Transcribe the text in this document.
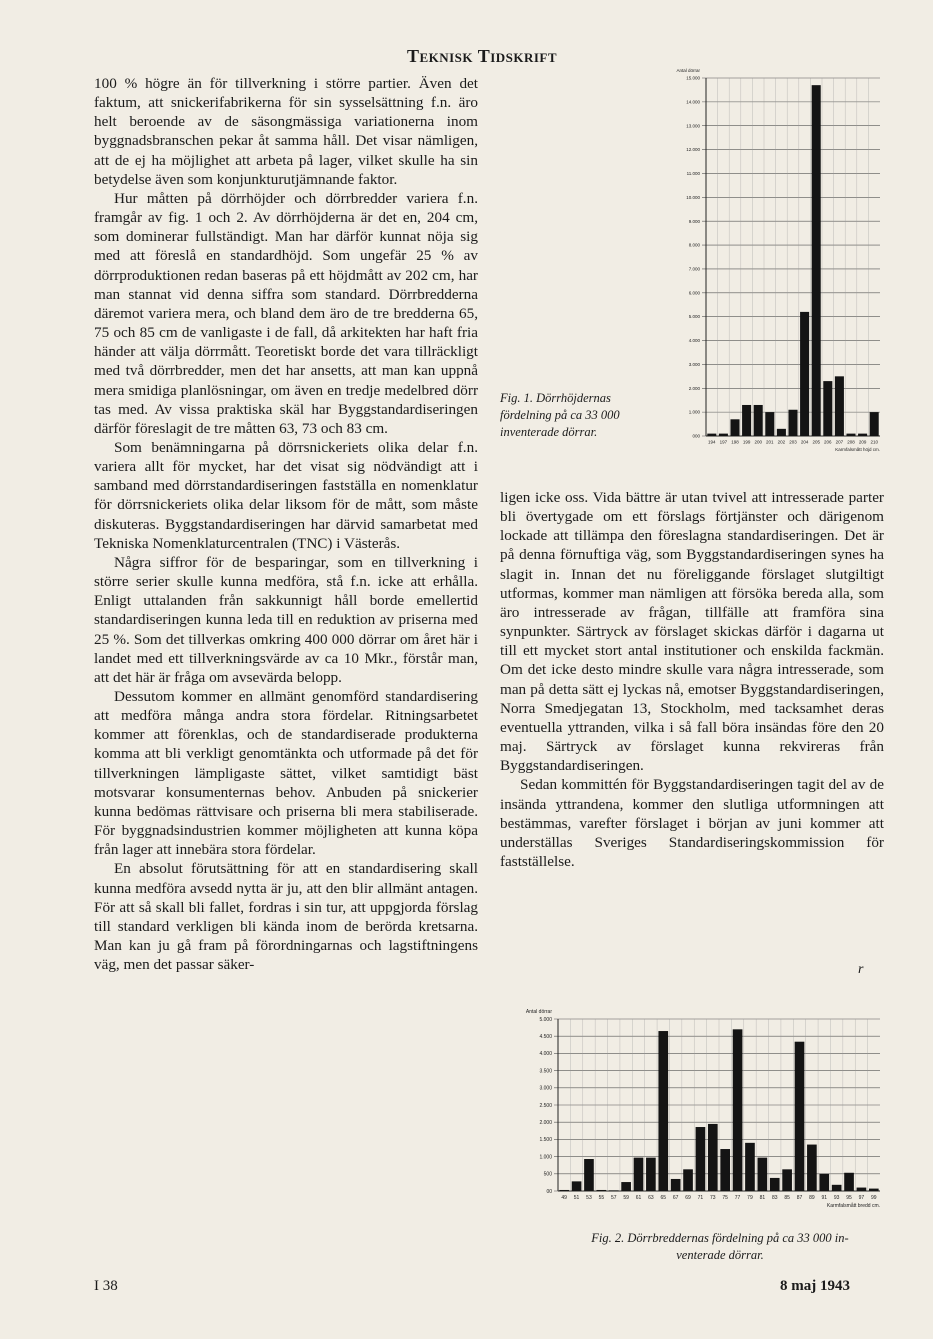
Teknisk Tidskrift

100 % högre än för tillverkning i större partier. Även det faktum, att snickerifabrikerna för sin sysselsättning f.n. äro helt beroende av de säsongmässiga variationerna inom byggnadsbranschen pekar åt samma håll. Det visar nämligen, att de ej ha möjlighet att arbeta på lager, vilket skulle ha sin betydelse även som konjunkturutjämnande faktor.

Hur måtten på dörrhöjder och dörrbredder variera f.n. framgår av fig. 1 och 2. Av dörrhöjderna är det en, 204 cm, som dominerar fullständigt. Man har därför kunnat nöja sig med att föreslå en standardhöjd. Som ungefär 25 % av dörrproduktionen redan baseras på ett höjdmått av 202 cm, har man stannat vid denna siffra som standard. Dörrbredderna däremot variera mera, och bland dem äro de tre bredderna 65, 75 och 85 cm de vanligaste i de fall, då arkitekten har haft fria händer att välja dörrmått. Teoretiskt borde det vara tillräckligt med två dörrbredder, men det har ansetts, att man kan uppnå mera smidiga planlösningar, om även en tredje medelbred dörr tas med. Av vissa praktiska skäl har Byggstandardiseringen därför föreslagit de tre måtten 63, 73 och 83 cm.

Som benämningarna på dörrsnickeriets olika delar f.n. variera allt för mycket, har det visat sig nödvändigt att i samband med dörrstandardiseringen fastställa en nomenklatur för dörrsnickeriets olika delar liksom för de mått, som måste diskuteras. Byggstandardiseringen har därvid samarbetat med Tekniska Nomenklaturcentralen (TNC) i Västerås.

Några siffror för de besparingar, som en tillverkning i större serier skulle kunna medföra, stå f.n. icke att erhålla. Enligt uttalanden från sakkunnigt håll borde emellertid standardiseringen kunna leda till en reduktion av priserna med 25 %. Som det tillverkas omkring 400 000 dörrar om året här i landet med ett tillverkningsvärde av ca 10 Mkr., förstår man, att det här är fråga om avsevärda belopp.

Dessutom kommer en allmänt genomförd standardisering att medföra många andra stora fördelar. Ritningsarbetet kommer att förenklas, och de standardiserade produkterna komma att bli verkligt genomtänkta och utformade på det för tillverkningen lämpligaste sättet, vilket samtidigt bäst motsvarar konsumenternas behov. Anbuden på snickerier kunna bedömas rättvisare och priserna bli mera stabiliserade. För byggnadsindustrien kommer möjligheten att kunna köpa från lager att innebära stora fördelar.

En absolut förutsättning för att en standardisering skall kunna medföra avsedd nytta är ju, att den blir allmänt antagen. För att så skall bli fallet, fordras i sin tur, att uppgjorda förslag till standard verkligen bli kända inom de berörda kretsarna. Man kan ju gå fram på förordningarnas och lagstiftningens väg, men det passar säker-

ligen icke oss. Vida bättre är utan tvivel att intresserade parter bli övertygade om ett förslags förtjänster och därigenom lockade att tillämpa den föreslagna standardiseringen. Det är på denna förnuftiga väg, som Byggstandardiseringen synes ha slagit in. Innan det nu föreliggande förslaget slutgiltigt utformas, kommer man nämligen att försöka bereda alla, som äro intresserade av frågan, tillfälle att framföra sina synpunkter. Särtryck av förslaget skickas därför i dagarna ut till ett mycket stort antal institutioner och enskilda fackmän. Om det icke desto mindre skulle vara några intresserade, som man på detta sätt ej lyckas nå, emotser Byggstandardiseringen, Norra Smedjegatan 13, Stockholm, med tacksamhet deras eventuella yttranden, vilka i så fall böra insändas före den 20 maj. Särtryck av förslaget kunna rekvireras från Byggstandardiseringen.

Sedan kommittén för Byggstandardiseringen tagit del av de insända yttrandena, kommer den slutliga utformningen att bestämmas, varefter förslaget i början av juni kommer att underställas Sveriges Standardiseringskommission för fastställelse.

Fig. 1. Dörrhöjdernas
fördelning på ca 33 000
inventerade dörrar.
Fig. 2. Dörrbreddernas fördelning på ca 33 000 in-
venterade dörrar.
r
Antal dörrar
000
1.000
2.000
3.000
4.000
5.000
6.000
7.000
8.000
9.000
10.000
11.000
12.000
13.000
14.000
15.000
194 197 198 199 200 201 202 203 204 205 206 207 208 209 210
Karmfalsmått höjd cm.
Antal dörrar
00
500
1.000
1.500
2.000
2.500
3.000
3.500
4.000
4.500
5.000
49 51 53 55 57 59 61 63 65 67 69 71 73 75 77 79 81 83 85 87 89 91 93 95 97 99
Karmfalsmått bredd cm.
I 38	8 maj 1943
